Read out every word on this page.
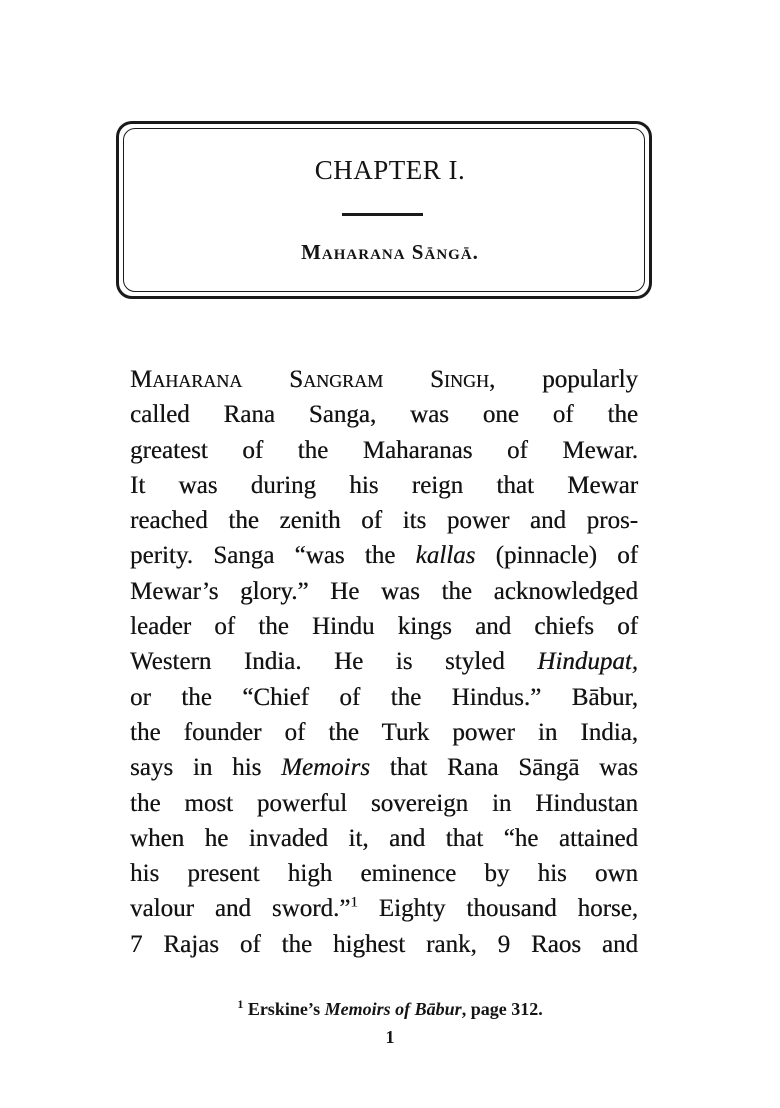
CHAPTER I.
Maharana Sāngā.
Maharana Sangram Singh, popularly
called Rana Sanga, was one of the
greatest of the Maharanas of Mewar.
It was during his reign that Mewar
reached the zenith of its power and pros-
perity. Sanga “was the kallas (pinnacle) of
Mewar’s glory.” He was the acknowledged
leader of the Hindu kings and chiefs of
Western India. He is styled Hindupat,
or the “Chief of the Hindus.” Bābur,
the founder of the Turk power in India,
says in his Memoirs that Rana Sāngā was
the most powerful sovereign in Hindustan
when he invaded it, and that “he attained
his present high eminence by his own
valour and sword.”$^1$ Eighty thousand horse,
7 Rajas of the highest rank, 9 Raos and
$^1$ Erskine’s Memoirs of Bābur, page 312.
1
